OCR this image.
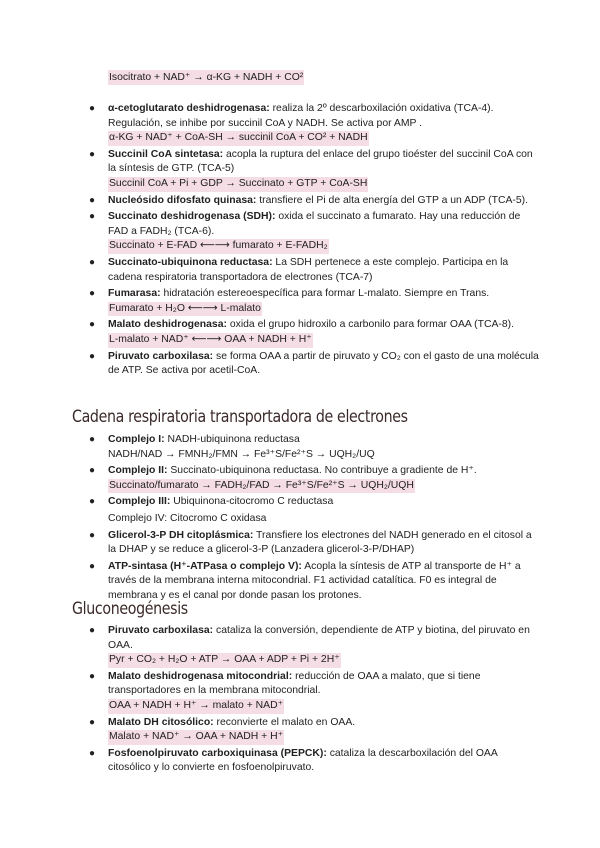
Isocitrato + NAD⁺ → α-KG + NADH + CO²
● α-cetoglutarato deshidrogenasa: realiza la 2º descarboxilación oxidativa (TCA-4). Regulación, se inhibe por succinil CoA y NADH. Se activa por AMP .
α-KG + NAD⁺ + CoA-SH → succinil CoA + CO² + NADH
● Succinil CoA sintetasa: acopla la ruptura del enlace del grupo tioéster del succinil CoA con la síntesis de GTP. (TCA-5)
Succinil CoA + Pi + GDP → Succinato + GTP + CoA-SH
● Nucleósido difosfato quinasa: transfiere el Pi de alta energía del GTP a un ADP (TCA-5).
● Succinato deshidrogenasa (SDH): oxida el succinato a fumarato. Hay una reducción de FAD a FADH₂ (TCA-6).
Succinato + E-FAD ⟵⟶ fumarato + E-FADH₂
● Succinato-ubiquinona reductasa: La SDH pertenece a este complejo. Participa en la cadena respiratoria transportadora de electrones (TCA-7)
● Fumarasa: hidratación estereoespecífica para formar L-malato. Siempre en Trans.
Fumarato + H₂O ⟵⟶ L-malato
● Malato deshidrogenasa: oxida el grupo hidroxilo a carbonilo para formar OAA (TCA-8).
L-malato + NAD⁺ ⟵⟶ OAA + NADH + H⁺
● Piruvato carboxilasa: se forma OAA a partir de piruvato y CO₂ con el gasto de una molécula de ATP. Se activa por acetil-CoA.
Cadena respiratoria transportadora de electrones
● Complejo I: NADH-ubiquinona reductasa
NADH/NAD → FMNH₂/FMN → Fe³⁺S/Fe²⁺S → UQH₂/UQ
● Complejo II: Succinato-ubiquinona reductasa. No contribuye a gradiente de H⁺.
Succinato/fumarato → FADH₂/FAD → Fe³⁺S/Fe²⁺S → UQH₂/UQH
● Complejo III: Ubiquinona-citocromo C reductasa
Complejo IV: Citocromo C oxidasa
● Glicerol-3-P DH citoplásmica: Transfiere los electrones del NADH generado en el citosol a la DHAP y se reduce a glicerol-3-P (Lanzadera glicerol-3-P/DHAP)
● ATP-sintasa (H⁺-ATPasa o complejo V): Acopla la síntesis de ATP al transporte de H⁺ a través de la membrana interna mitocondrial. F1 actividad catalítica. F0 es integral de membrana y es el canal por donde pasan los protones.
Gluconeogénesis
● Piruvato carboxilasa: cataliza la conversión, dependiente de ATP y biotina, del piruvato en OAA.
Pyr + CO₂ + H₂O + ATP → OAA + ADP + Pi + 2H⁺
● Malato deshidrogenasa mitocondrial: reducción de OAA a malato, que si tiene transportadores en la membrana mitocondrial.
OAA + NADH + H⁺ → malato + NAD⁺
● Malato DH citosólico: reconvierte el malato en OAA.
Malato + NAD⁺ → OAA + NADH + H⁺
● Fosfoenolpiruvato carboxiquinasa (PEPCK): cataliza la descarboxilación del OAA citosólico y lo convierte en fosfoenolpiruvato.
